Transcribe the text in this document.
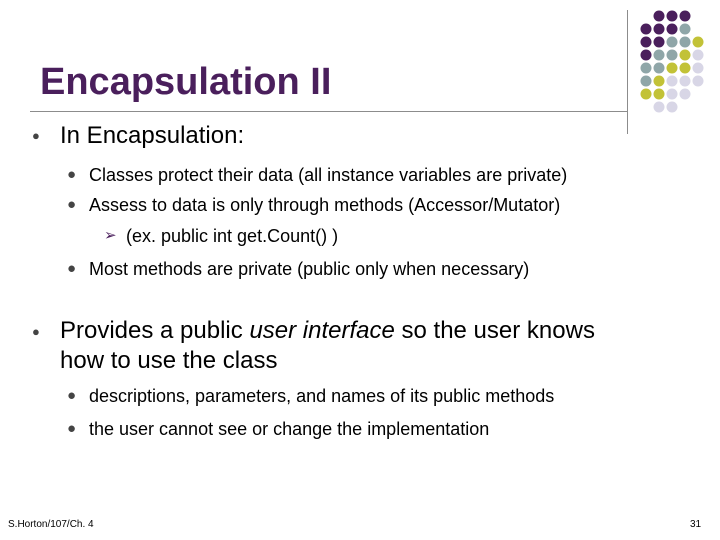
Encapsulation II
● In Encapsulation:
● Classes protect their data (all instance variables are private)
● Assess to data is only through methods (Accessor/Mutator)
➢ (ex. public int get.Count() )
● Most methods are private (public only when necessary)
● Provides a public user interface so the user knows
how to use the class
● descriptions, parameters, and names of its public methods
● the user cannot see or change the implementation
S.Horton/107/Ch. 4	31
